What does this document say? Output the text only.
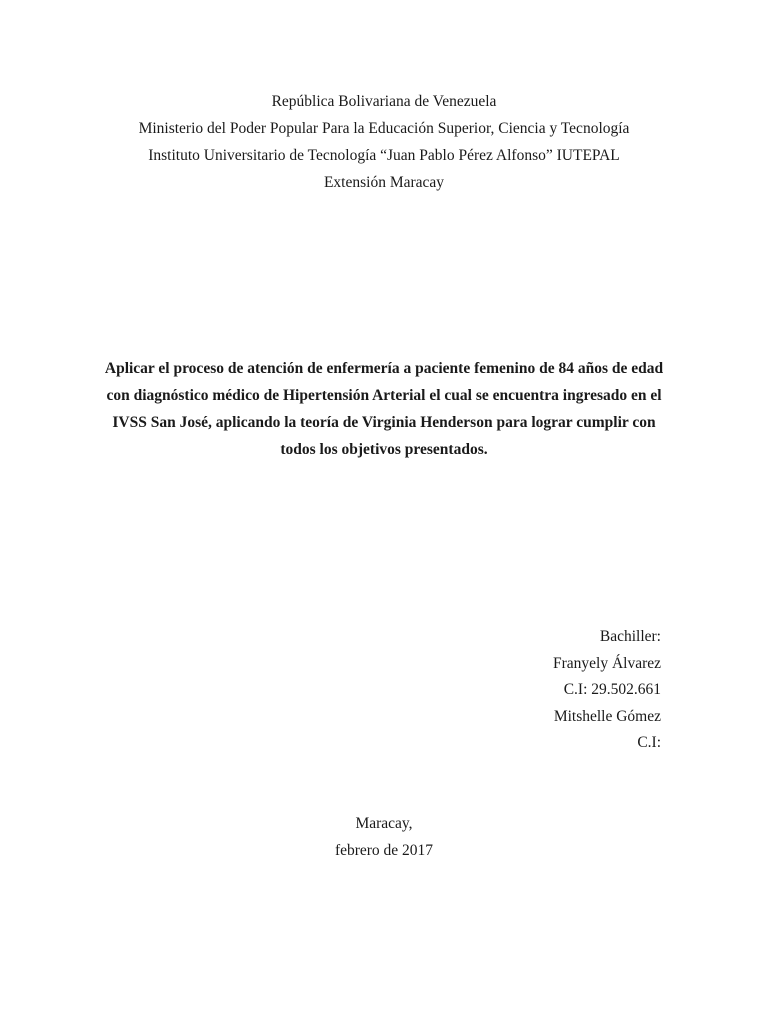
República Bolivariana de Venezuela
Ministerio del Poder Popular Para la Educación Superior, Ciencia y Tecnología
Instituto Universitario de Tecnología “Juan Pablo Pérez Alfonso” IUTEPAL
Extensión Maracay
Aplicar el proceso de atención de enfermería a paciente femenino de 84 años de edad
con diagnóstico médico de Hipertensión Arterial el cual se encuentra ingresado en el
IVSS San José, aplicando la teoría de Virginia Henderson para lograr cumplir con
todos los objetivos presentados.
Bachiller:
Franyely Álvarez
C.I: 29.502.661
Mitshelle Gómez
C.I:
Maracay,
febrero de 2017
